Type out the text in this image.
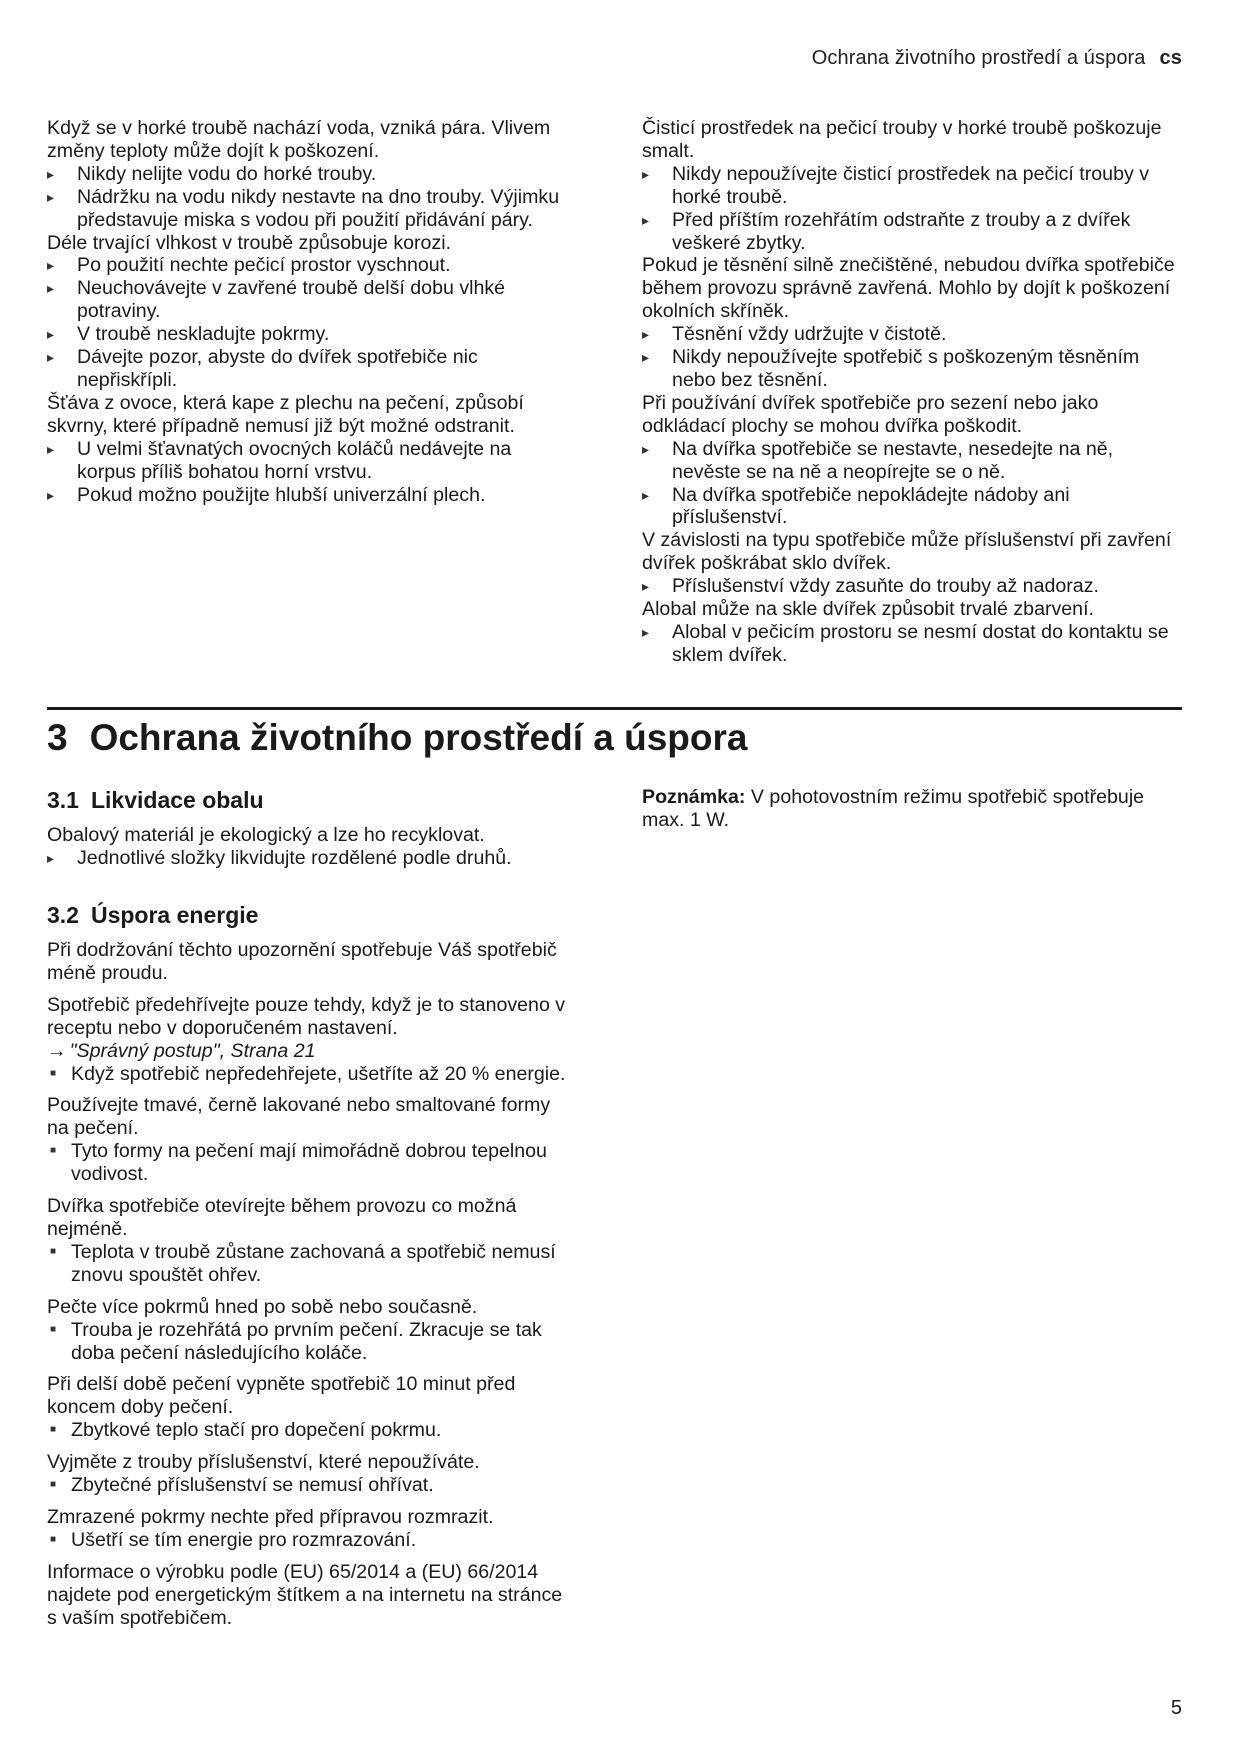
Ochrana životního prostředí a úspora cs

Když se v horké troubě nachází voda, vzniká pára. Vlivem změny teploty může dojít k poškození.

▸ Nikdy nelijte vodu do horké trouby.
▸ Nádržku na vodu nikdy nestavte na dno trouby. Výjimku představuje miska s vodou při použití přidávání páry.

Déle trvající vlhkost v troubě způsobuje korozi.

▸ Po použití nechte pečicí prostor vyschnout.
▸ Neuchovávejte v zavřené troubě delší dobu vlhké potraviny.
▸ V troubě neskladujte pokrmy.
▸ Dávejte pozor, abyste do dvířek spotřebiče nic nepřiskřípli.

Šťáva z ovoce, která kape z plechu na pečení, způsobí skvrny, které případně nemusí již být možné odstranit.

▸ U velmi šťavnatých ovocných koláčů nedávejte na korpus příliš bohatou horní vrstvu.
▸ Pokud možno použijte hlubší univerzální plech.

Čisticí prostředek na pečicí trouby v horké troubě poškozuje smalt.

▸ Nikdy nepoužívejte čisticí prostředek na pečicí trouby v horké troubě.
▸ Před příštím rozehřátím odstraňte z trouby a z dvířek veškeré zbytky.

Pokud je těsnění silně znečištěné, nebudou dvířka spotřebiče během provozu správně zavřená. Mohlo by dojít k poškození okolních skříněk.

▸ Těsnění vždy udržujte v čistotě.
▸ Nikdy nepoužívejte spotřebič s poškozeným těsněním nebo bez těsnění.

Při používání dvířek spotřebiče pro sezení nebo jako odkládací plochy se mohou dvířka poškodit.

▸ Na dvířka spotřebiče se nestavte, nesedejte na ně, nevěste se na ně a neopírejte se o ně.
▸ Na dvířka spotřebiče nepokládejte nádoby ani příslušenství.

V závislosti na typu spotřebiče může příslušenství při zavření dvířek poškrábat sklo dvířek.

▸ Příslušenství vždy zasuňte do trouby až nadoraz.

Alobal může na skle dvířek způsobit trvalé zbarvení.

▸ Alobal v pečicím prostoru se nesmí dostat do kontaktu se sklem dvířek.
3 Ochrana životního prostředí a úspora
3.1 Likvidace obalu

Obalový materiál je ekologický a lze ho recyklovat.

▸ Jednotlivé složky likvidujte rozdělené podle druhů.
3.2 Úspora energie

Při dodržování těchto upozornění spotřebuje Váš spotřebič méně proudu.

Spotřebič předehřívejte pouze tehdy, když je to stanoveno v receptu nebo v doporučeném nastavení.

→ "Správný postup", Strana 21

■ Když spotřebič nepředehřejete, ušetříte až 20 % energie.

Používejte tmavé, černě lakované nebo smaltované formy na pečení.

■ Tyto formy na pečení mají mimořádně dobrou tepelnou vodivost.

Dvířka spotřebiče otevírejte během provozu co možná nejméně.

■ Teplota v troubě zůstane zachovaná a spotřebič nemusí znovu spouštět ohřev.

Pečte více pokrmů hned po sobě nebo současně.

■ Trouba je rozehřátá po prvním pečení. Zkracuje se tak doba pečení následujícího koláče.

Při delší době pečení vypněte spotřebič 10 minut před koncem doby pečení.

■ Zbytkové teplo stačí pro dopečení pokrmu.

Vyjměte z trouby příslušenství, které nepoužíváte.

■ Zbytečné příslušenství se nemusí ohřívat.

Zmrazené pokrmy nechte před přípravou rozmrazit.

■ Ušetří se tím energie pro rozmrazování.

Informace o výrobku podle (EU) 65/2014 a (EU) 66/2014 najdete pod energetickým štítkem a na internetu na stránce s vaším spotřebičem.

Poznámka: V pohotovostním režimu spotřebič spotřebuje max. 1 W.

5
